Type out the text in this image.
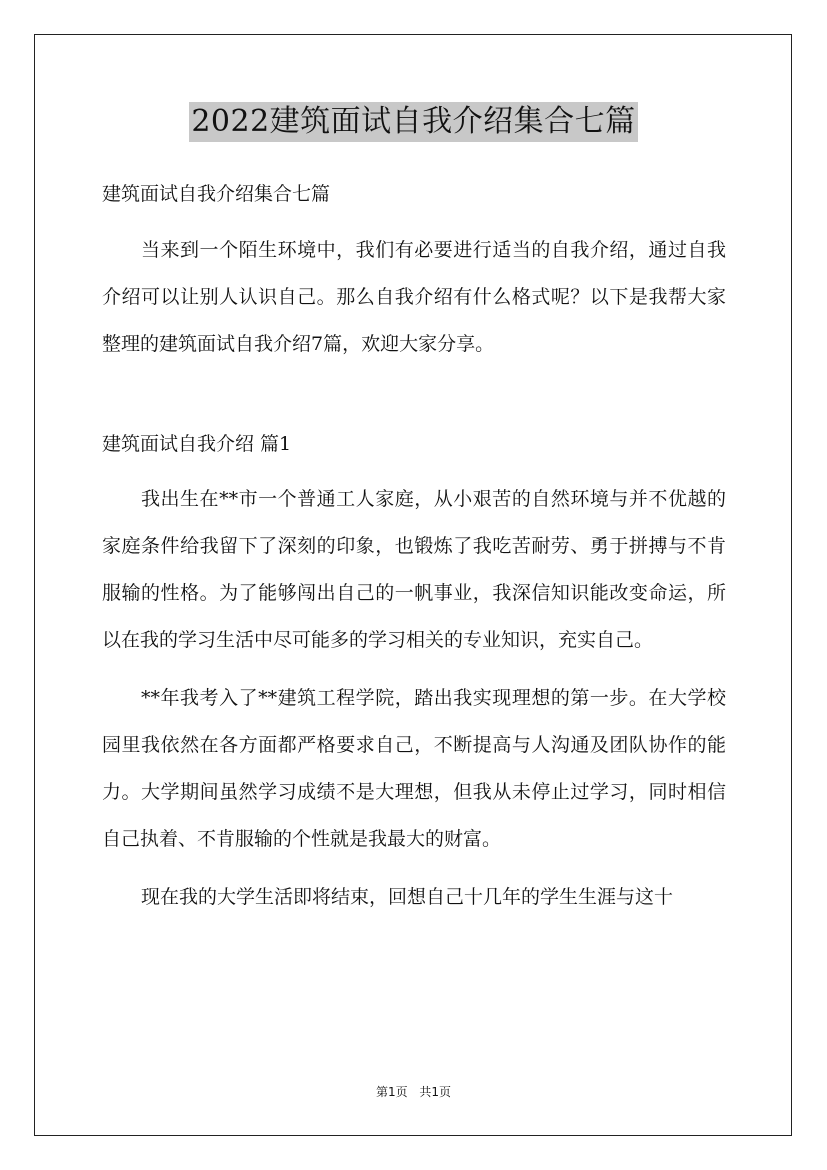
2022建筑面试自我介绍集合七篇
建筑面试自我介绍集合七篇

当来到一个陌生环境中，我们有必要进行适当的自我介绍，通过自我介绍可以让别人认识自己。那么自我介绍有什么格式呢？以下是我帮大家整理的建筑面试自我介绍7篇，欢迎大家分享。

建筑面试自我介绍 篇1

我出生在**市一个普通工人家庭，从小艰苦的自然环境与并不优越的家庭条件给我留下了深刻的印象，也锻炼了我吃苦耐劳、勇于拼搏与不肯服输的性格。为了能够闯出自己的一帆事业，我深信知识能改变命运，所以在我的学习生活中尽可能多的学习相关的专业知识，充实自己。

**年我考入了**建筑工程学院，踏出我实现理想的第一步。在大学校园里我依然在各方面都严格要求自己，不断提高与人沟通及团队协作的能力。大学期间虽然学习成绩不是大理想，但我从未停止过学习，同时相信自己执着、不肯服输的个性就是我最大的财富。

现在我的大学生活即将结束，回想自己十几年的学生生涯与这十

第1页 共1页
